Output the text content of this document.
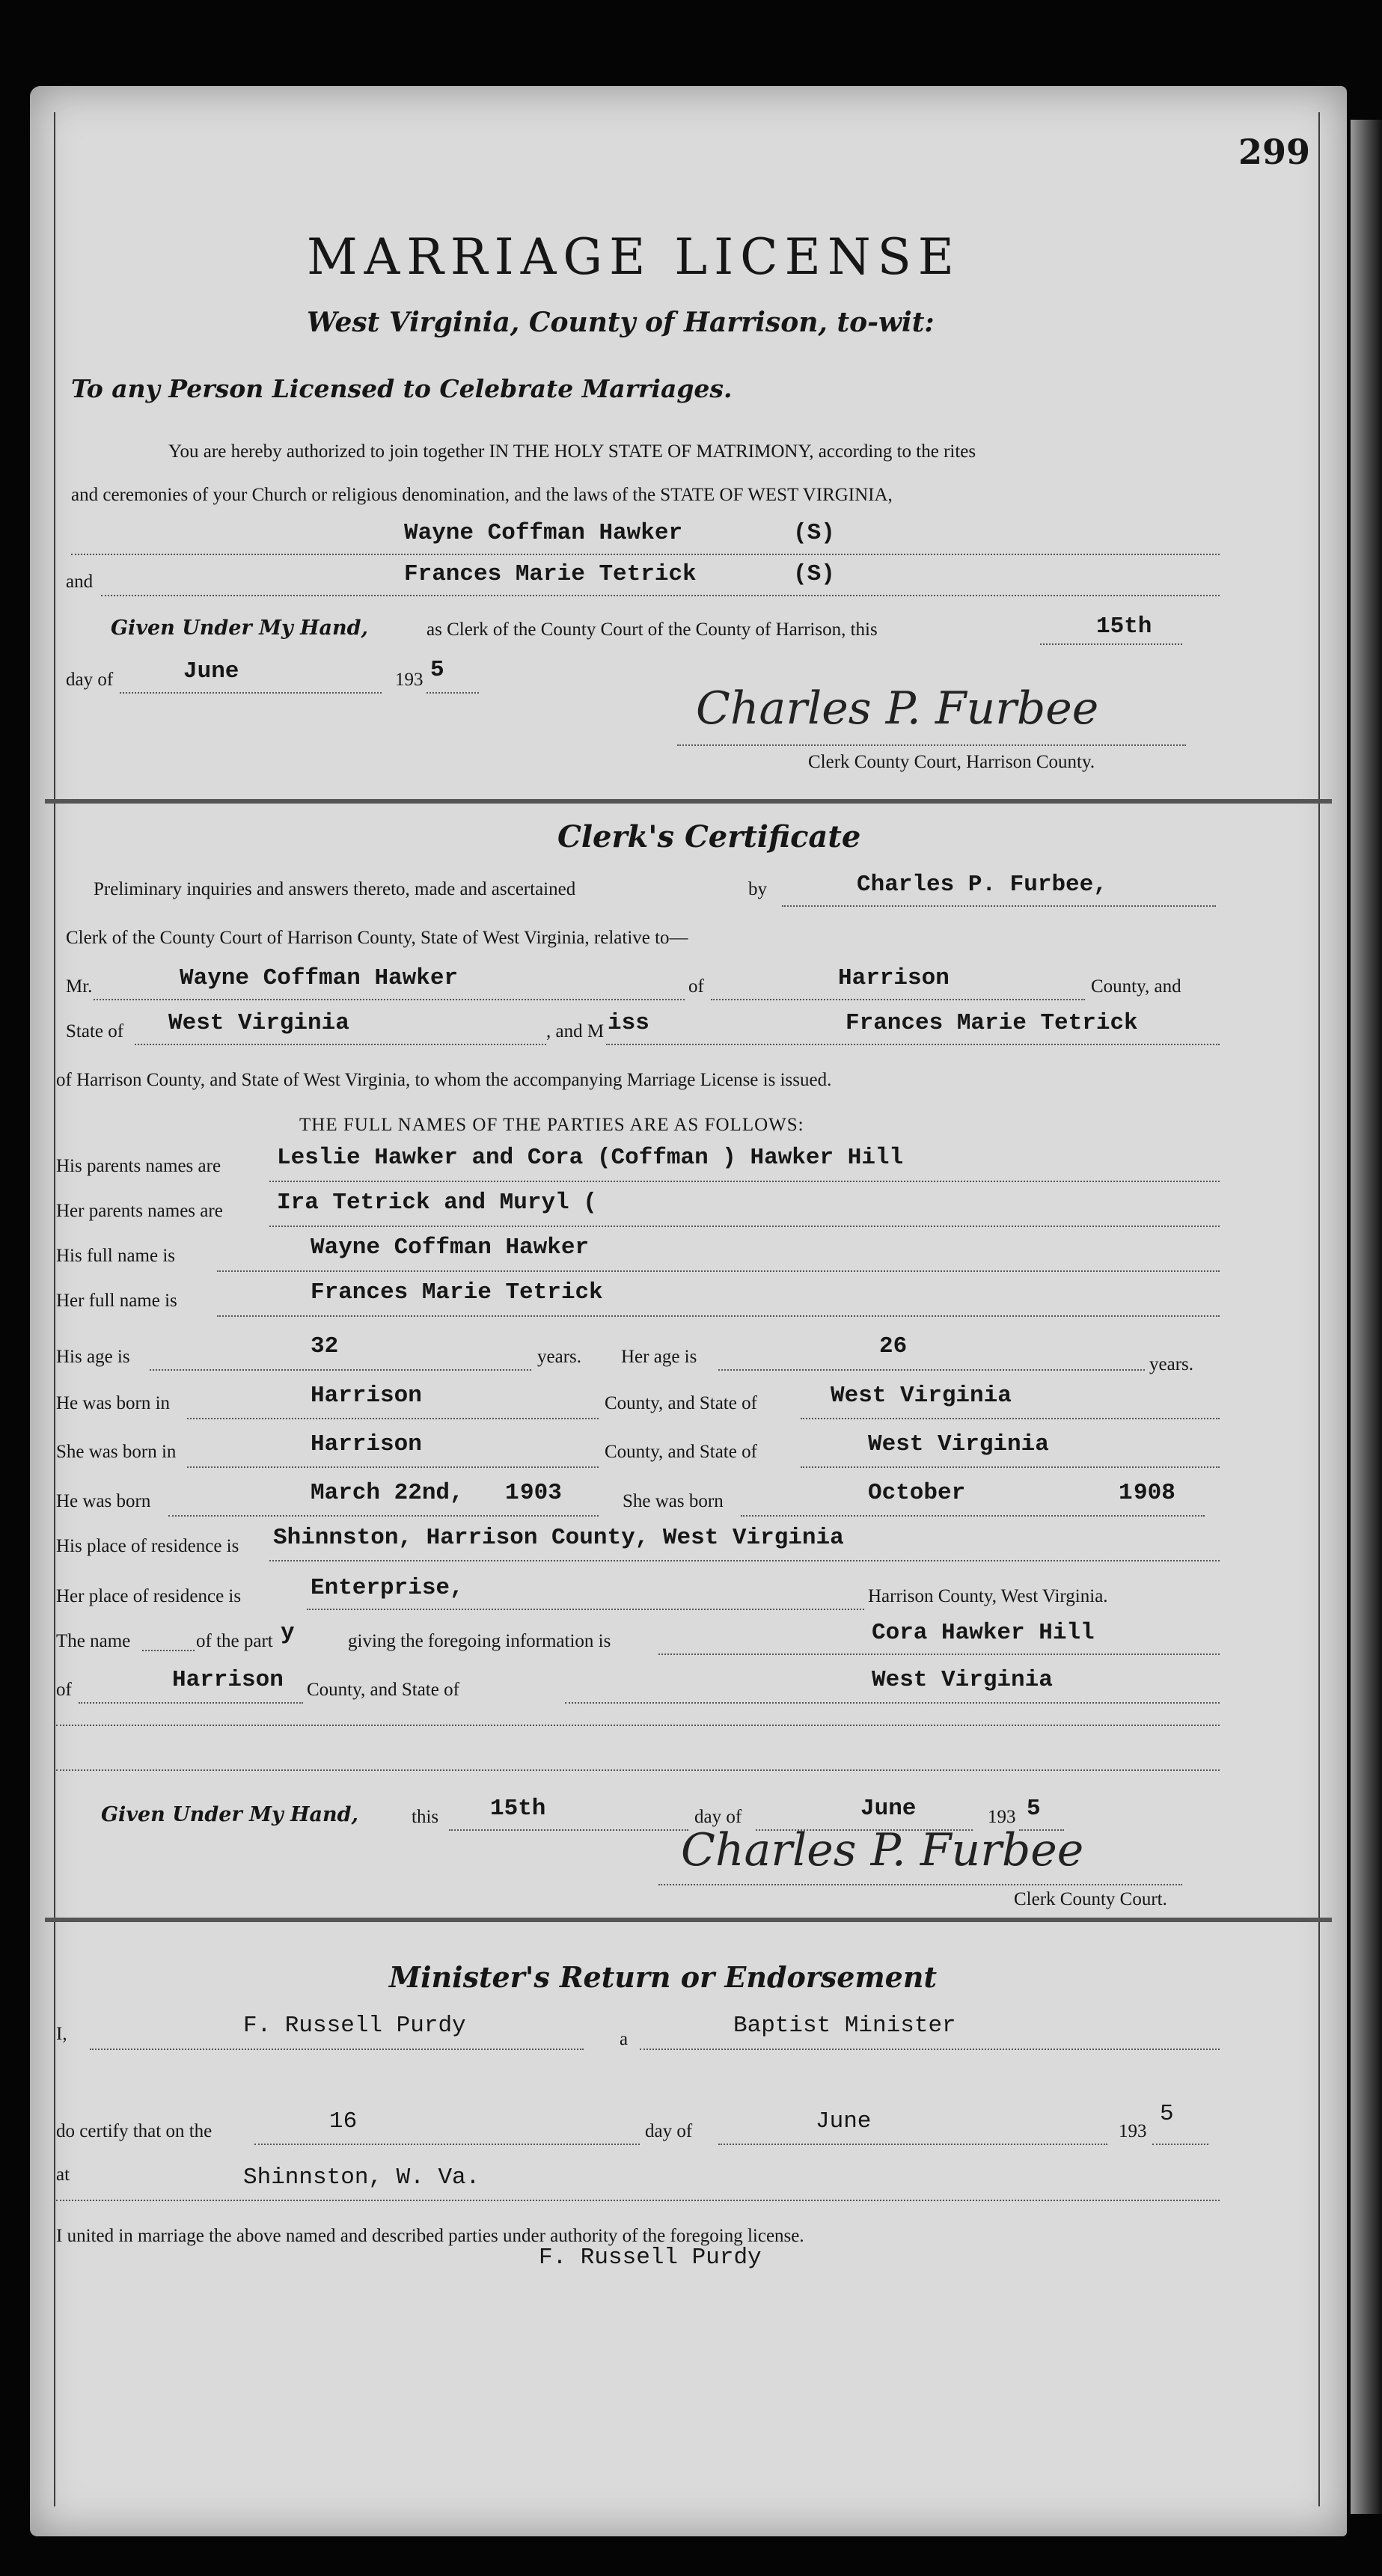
299
MARRIAGE LICENSE
West Virginia, County of Harrison, to-wit:
To any Person Licensed to Celebrate Marriages.
You are hereby authorized to join together IN THE HOLY STATE OF MATRIMONY, according to the rites
and ceremonies of your Church or religious denomination, and the laws of the STATE OF WEST VIRGINIA,
Wayne Coffman Hawker	(S)
and	Frances Marie Tetrick	(S)
Given Under My Hand,	as Clerk of the County Court of the County of Harrison, this	15th
day of	June	193 5
Charles P. Furbee
Clerk County Court, Harrison County.
Clerk's Certificate
Preliminary inquiries and answers thereto, made and ascertained	by	Charles P. Furbee,
Clerk of the County Court of Harrison County, State of West Virginia, relative to—
Mr.	Wayne Coffman Hawker	of	Harrison	County, and
State of West Virginia	, and M iss	Frances Marie Tetrick
of Harrison County, and State of West Virginia, to whom the accompanying Marriage License is issued.
THE FULL NAMES OF THE PARTIES ARE AS FOLLOWS:
His parents names are Leslie Hawker and Cora (Coffman ) Hawker Hill
Her parents names are Ira Tetrick and Muryl (
His full name is	Wayne Coffman Hawker
Her full name is	Frances Marie Tetrick
His age is	32	years. Her age is	26
years.
He was born in	Harrison	County, and State of	West Virginia
She was born in	Harrison	County, and State of	West Virginia
He was born	March 22nd, 1 903	She was born	October	1 908
His place of residence is Shinnston, Harrison County, West Virginia
Her place of residence is	Enterprise,	Harrison County, West Virginia.
The name	of the part y	giving the foregoing information is	Cora Hawker Hill
of	Harrison County, and State of	West Virginia
Given Under My Hand,	this 15th	day of	June	193 5
Charles P. Furbee
Clerk County Court.
Minister's Return or Endorsement
I,	F. Russell Purdy
a
Baptist Minister
do certify that on the	16	day of	June	193
5
at	Shinnston, W. Va.
I united in marriage the above named and described parties under authority of the foregoing license.
F. Russell Purdy
